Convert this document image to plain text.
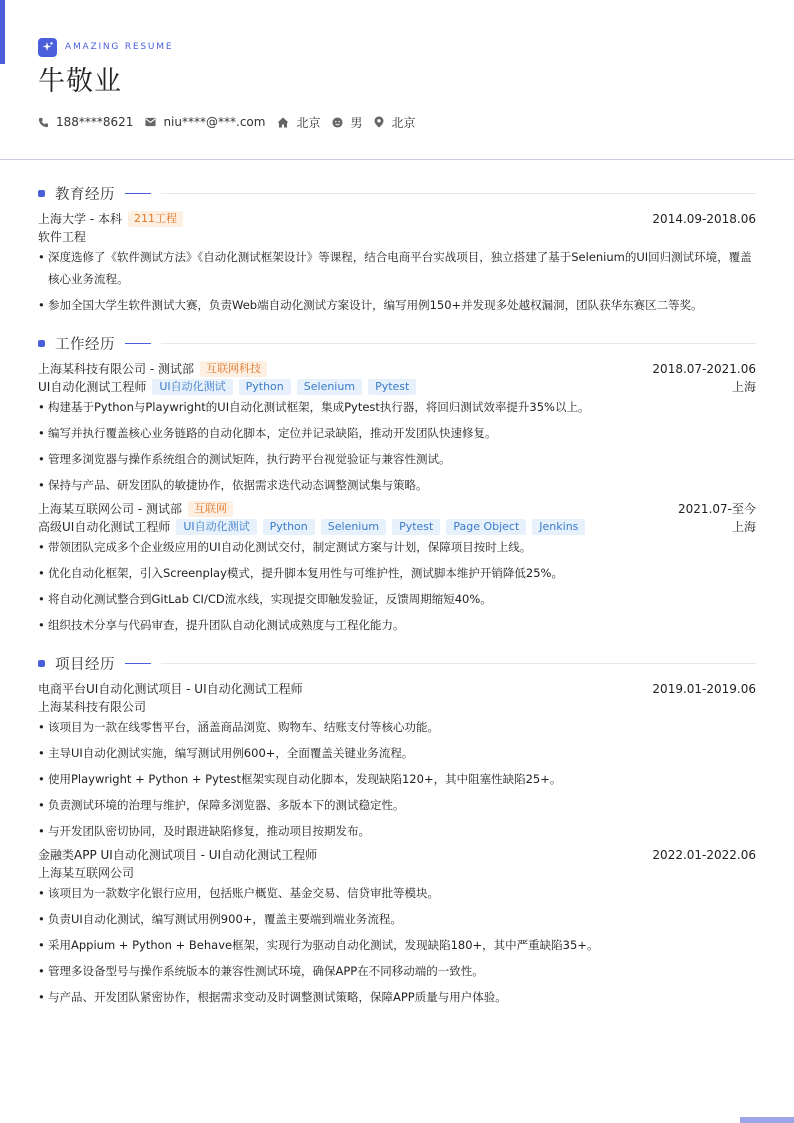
AMAZING RESUME
牛敬业
188****8621	niu****@***.com	北京	男 北京
教育经历
上海大学 - 本科	211工程	2014.09-2018.06
软件工程
• 深度选修了《软件测试方法》《自动化测试框架设计》等课程，结合电商平台实战项目，独立搭建了基于Selenium的UI回归测试环境，覆盖核心业务流程。
• 参加全国大学生软件测试大赛，负责Web端自动化测试方案设计，编写用例150+并发现多处越权漏洞，团队获华东赛区二等奖。
工作经历
上海某科技有限公司 - 测试部	互联网科技	2018.07-2021.06
UI自动化测试工程师	UI自动化测试	Python	Selenium	Pytest	上海
• 构建基于Python与Playwright的UI自动化测试框架，集成Pytest执行器，将回归测试效率提升35%以上。
• 编写并执行覆盖核心业务链路的自动化脚本，定位并记录缺陷，推动开发团队快速修复。
• 管理多浏览器与操作系统组合的测试矩阵，执行跨平台视觉验证与兼容性测试。
• 保持与产品、研发团队的敏捷协作，依据需求迭代动态调整测试集与策略。
上海某互联网公司 - 测试部	互联网	2021.07-至今
高级UI自动化测试工程师	UI自动化测试	Python	Selenium	Pytest	Page Object	Jenkins	上海
• 带领团队完成多个企业级应用的UI自动化测试交付，制定测试方案与计划，保障项目按时上线。
• 优化自动化框架，引入Screenplay模式，提升脚本复用性与可维护性，测试脚本维护开销降低25%。
• 将自动化测试整合到GitLab CI/CD流水线，实现提交即触发验证，反馈周期缩短40%。
• 组织技术分享与代码审查，提升团队自动化测试成熟度与工程化能力。
项目经历
电商平台UI自动化测试项目 - UI自动化测试工程师	2019.01-2019.06
上海某科技有限公司
• 该项目为一款在线零售平台，涵盖商品浏览、购物车、结账支付等核心功能。
• 主导UI自动化测试实施，编写测试用例600+，全面覆盖关键业务流程。
• 使用Playwright + Python + Pytest框架实现自动化脚本，发现缺陷120+，其中阻塞性缺陷25+。
• 负责测试环境的治理与维护，保障多浏览器、多版本下的测试稳定性。
• 与开发团队密切协同，及时跟进缺陷修复，推动项目按期发布。
金融类APP UI自动化测试项目 - UI自动化测试工程师	2022.01-2022.06
上海某互联网公司
• 该项目为一款数字化银行应用，包括账户概览、基金交易、信贷审批等模块。
• 负责UI自动化测试，编写测试用例900+，覆盖主要端到端业务流程。
• 采用Appium + Python + Behave框架，实现行为驱动自动化测试，发现缺陷180+，其中严重缺陷35+。
• 管理多设备型号与操作系统版本的兼容性测试环境，确保APP在不同移动端的一致性。
• 与产品、开发团队紧密协作，根据需求变动及时调整测试策略，保障APP质量与用户体验。
